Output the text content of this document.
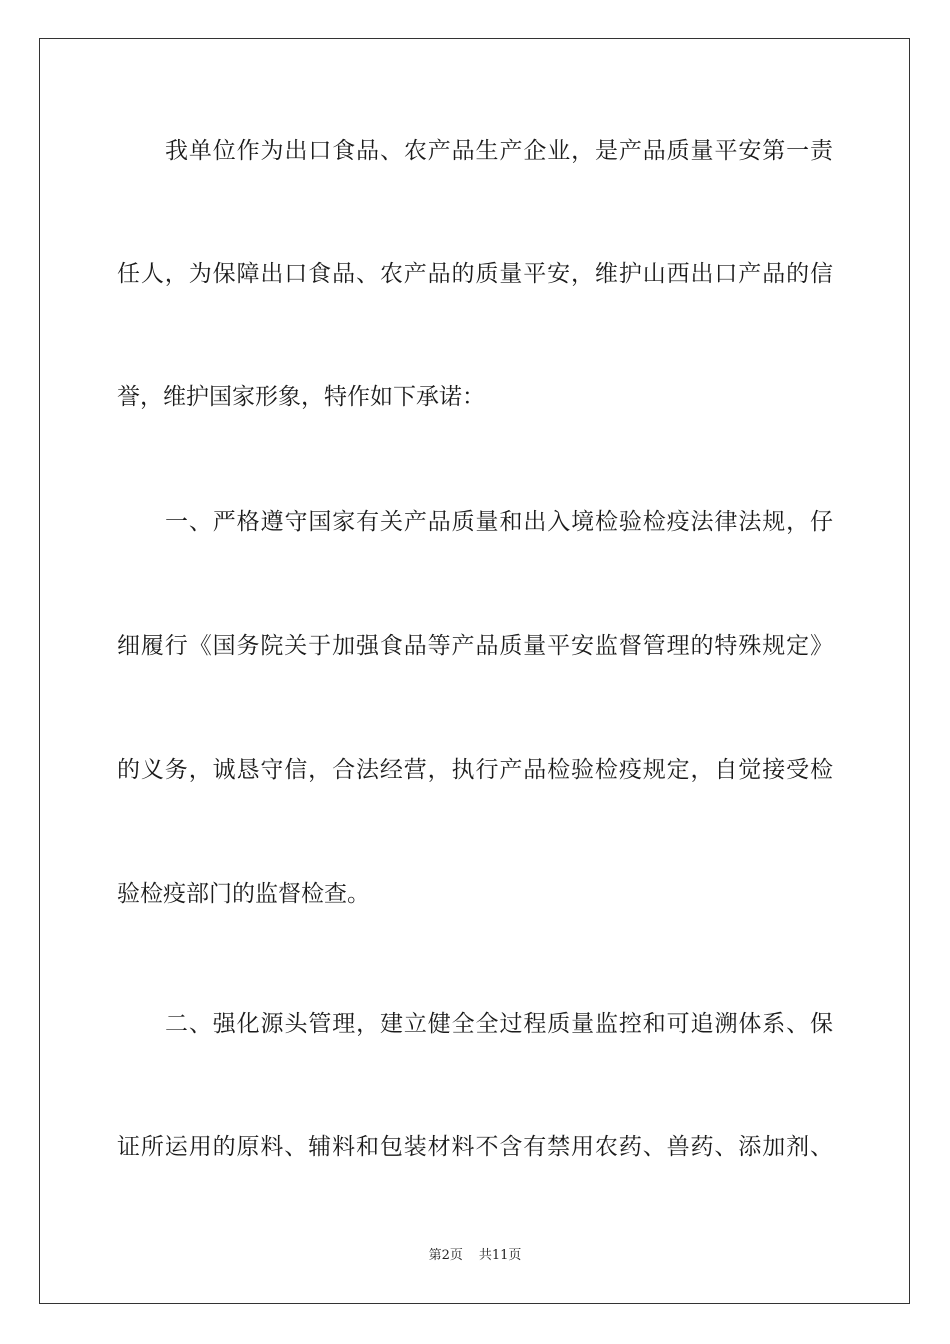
我单位作为出口食品、农产品生产企业，是产品质量平安第一责
任人，为保障出口食品、农产品的质量平安，维护山西出口产品的信
誉，维护国家形象，特作如下承诺：
一、严格遵守国家有关产品质量和出入境检验检疫法律法规，仔
细履行《国务院关于加强食品等产品质量平安监督管理的特殊规定》
的义务，诚恳守信，合法经营，执行产品检验检疫规定，自觉接受检
验检疫部门的监督检查。
二、强化源头管理，建立健全全过程质量监控和可追溯体系、保
证所运用的原料、辅料和包装材料不含有禁用农药、兽药、添加剂、
第2页 共11页
